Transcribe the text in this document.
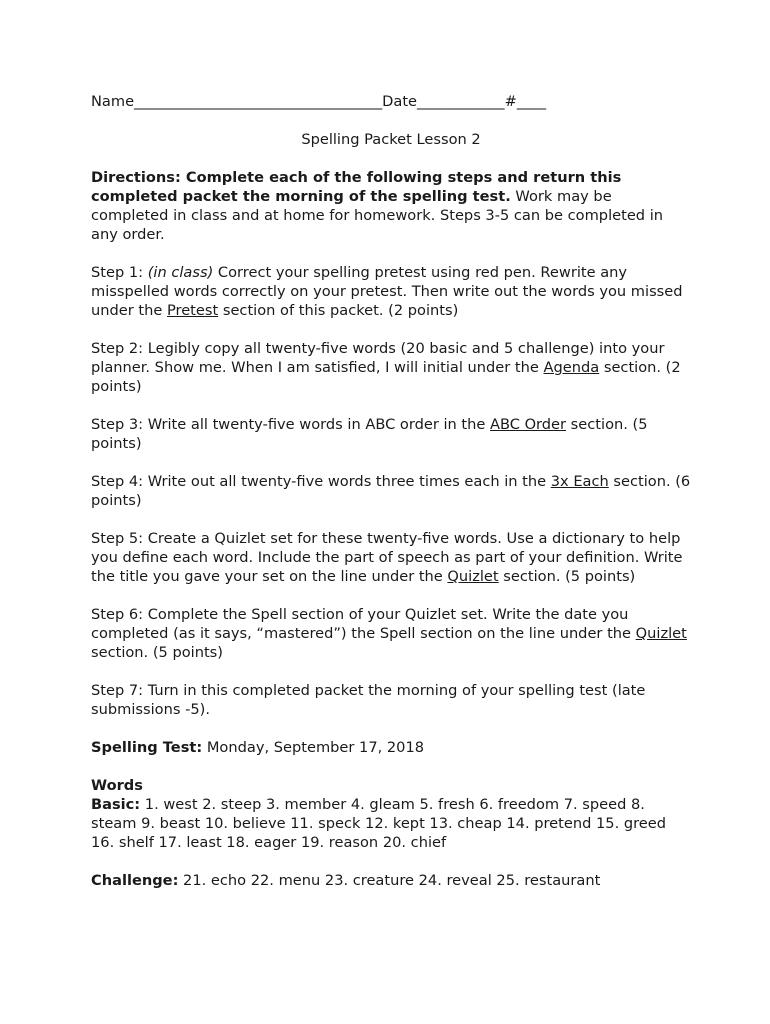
Name__________________________________Date____________#____

Spelling Packet Lesson 2

Directions: Complete each of the following steps and return this completed packet the morning of the spelling test. Work may be completed in class and at home for homework. Steps 3-5 can be completed in any order.

Step 1: (in class) Correct your spelling pretest using red pen. Rewrite any misspelled words correctly on your pretest. Then write out the words you missed under the Pretest section of this packet. (2 points)

Step 2: Legibly copy all twenty-five words (20 basic and 5 challenge) into your planner. Show me. When I am satisfied, I will initial under the Agenda section. (2 points)

Step 3: Write all twenty-five words in ABC order in the ABC Order section. (5 points)

Step 4: Write out all twenty-five words three times each in the 3x Each section. (6 points)

Step 5: Create a Quizlet set for these twenty-five words. Use a dictionary to help you define each word. Include the part of speech as part of your definition. Write the title you gave your set on the line under the Quizlet section. (5 points)

Step 6: Complete the Spell section of your Quizlet set. Write the date you completed (as it says, “mastered”) the Spell section on the line under the Quizlet section. (5 points)

Step 7: Turn in this completed packet the morning of your spelling test (late submissions -5).

Spelling Test: Monday, September 17, 2018

Words

Basic: 1. west 2. steep 3. member 4. gleam 5. fresh 6. freedom 7. speed 8. steam 9. beast 10. believe 11. speck 12. kept 13. cheap 14. pretend 15. greed 16. shelf 17. least 18. eager 19. reason 20. chief

Challenge: 21. echo 22. menu 23. creature 24. reveal 25. restaurant
